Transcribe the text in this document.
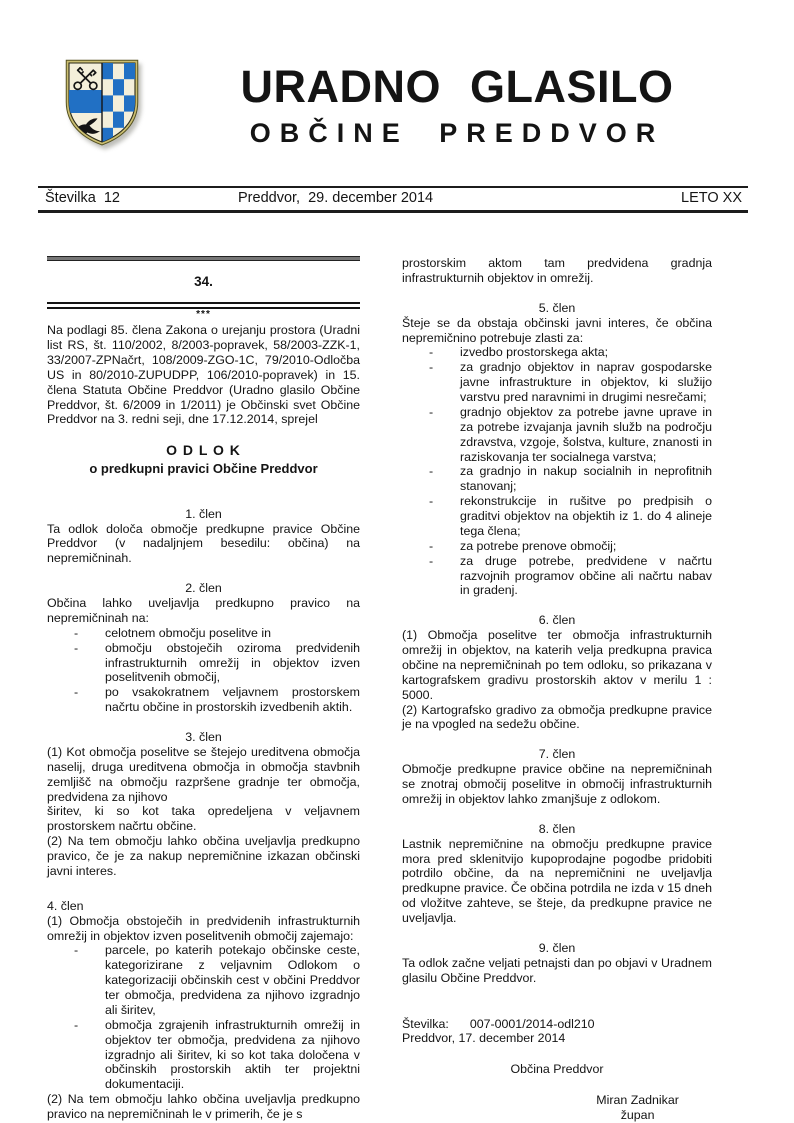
URADNO GLASILO
OBČINE PREDDVOR
Številka  12	Preddvor,  29. december 2014	LETO XX
34.
***

Na podlagi 85. člena Zakona o urejanju prostora (Uradni list RS, št. 110/2002, 8/2003-popravek, 58/2003-ZZK-1, 33/2007-ZPNačrt, 108/2009-ZGO-1C, 79/2010-Odločba US in 80/2010-ZUPUDPP, 106/2010-popravek) in 15. člena Statuta Občine Preddvor (Uradno glasilo Občine Preddvor, št. 6/2009 in 1/2011) je Občinski svet Občine Preddvor na 3. redni seji, dne 17.12.2014, sprejel

O D L O K
o predkupni pravici Občine Preddvor
1. člen

Ta odlok določa območje predkupne pravice Občine Preddvor (v nadaljnjem besedilu: občina) na nepremičninah.

2. člen

Občina lahko uveljavlja predkupno pravico na nepremičninah na:

-	celotnem območju poselitve in
-	območju obstoječih oziroma predvidenih infrastrukturnih omrežij in objektov izven poselitvenih območij,
-	po vsakokratnem veljavnem prostorskem načrtu občine in prostorskih izvedbenih aktih.
3. člen

(1) Kot območja poselitve se štejejo ureditvena območja naselij, druga ureditvena območja in območja stavbnih zemljišč na območju razpršene gradnje ter območja, predvidena za njihovo

širitev, ki so kot taka opredeljena v veljavnem prostorskem načrtu občine.

(2) Na tem območju lahko občina uveljavlja predkupno pravico, če je za nakup nepremičnine izkazan občinski javni interes.

4. člen

(1) Območja obstoječih in predvidenih infrastrukturnih omrežij in objektov izven poselitvenih območij zajemajo:

-	parcele, po katerih potekajo občinske ceste, kategorizirane z veljavnim Odlokom o kategorizaciji občinskih cest v občini Preddvor ter območja, predvidena za njihovo izgradnjo ali širitev,
-	območja zgrajenih infrastrukturnih omrežij in objektov ter območja, predvidena za njihovo izgradnjo ali širitev, ki so kot taka določena v občinskih prostorskih aktih ter projektni dokumentaciji.

(2) Na tem območju lahko občina uveljavlja predkupno pravico na nepremičninah le v primerih, če je s

prostorskim aktom tam predvidena gradnja infrastrukturnih objektov in omrežij.

5. člen

Šteje se da obstaja občinski javni interes, če občina nepremičnino potrebuje zlasti za:

-	izvedbo prostorskega akta;
-	za gradnjo objektov in naprav gospodarske javne infrastrukture in objektov, ki služijo varstvu pred naravnimi in drugimi nesrečami;
-	gradnjo objektov za potrebe javne uprave in za potrebe izvajanja javnih služb na področju zdravstva, vzgoje, šolstva, kulture, znanosti in raziskovanja ter socialnega varstva;
-	za gradnjo in nakup socialnih in neprofitnih stanovanj;
-	rekonstrukcije in rušitve po predpisih o graditvi objektov na objektih iz 1. do 4 alineje tega člena;
-	za potrebe prenove območij;
-	za druge potrebe, predvidene v načrtu razvojnih programov občine ali načrtu nabav in gradenj.
6. člen

(1) Območja poselitve ter območja infrastrukturnih omrežij in objektov, na katerih velja predkupna pravica občine na nepremičninah po tem odloku, so prikazana v kartografskem gradivu prostorskih aktov v merilu 1 : 5000.

(2) Kartografsko gradivo za območja predkupne pravice je na vpogled na sedežu občine.

7. člen

Območje predkupne pravice občine na nepremičninah se znotraj območij poselitve in območij infrastrukturnih omrežij in objektov lahko zmanjšuje z odlokom.

8. člen

Lastnik nepremičnine na območju predkupne pravice mora pred sklenitvijo kupoprodajne pogodbe pridobiti potrdilo občine, da na nepremičnini ne uveljavlja predkupne pravice. Če občina potrdila ne izda v 15 dneh od vložitve zahteve, se šteje, da predkupne pravice ne uveljavlja.

9. člen

Ta odlok začne veljati petnajsti dan po objavi v Uradnem glasilu Občine Preddvor.

Številka: 007-0001/2014-odl210
Preddvor, 17. december 2014
Občina Preddvor
Miran Zadnikar
župan
